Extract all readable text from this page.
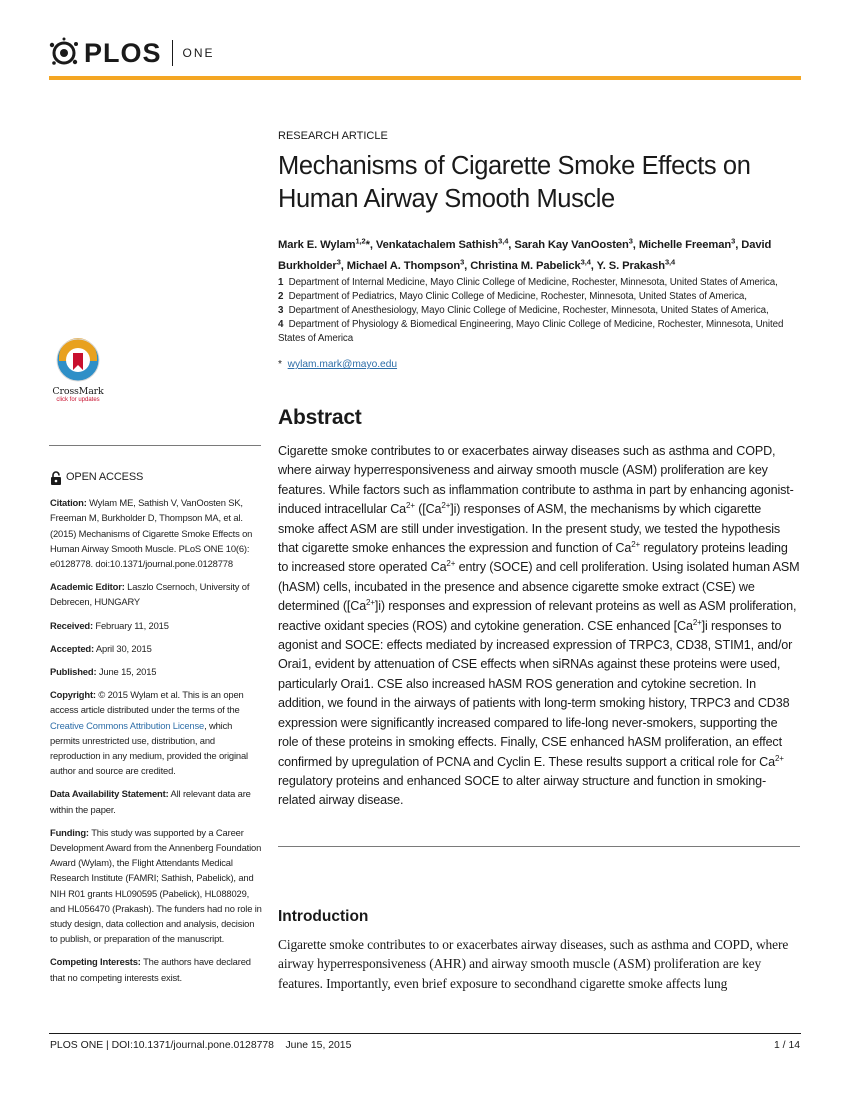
PLOS ONE
CrossMark
click for updates
OPEN ACCESS
Citation: Wylam ME, Sathish V, VanOosten SK, Freeman M, Burkholder D, Thompson MA, et al. (2015) Mechanisms of Cigarette Smoke Effects on Human Airway Smooth Muscle. PLoS ONE 10(6): e0128778. doi:10.1371/journal.pone.0128778
Academic Editor: Laszlo Csernoch, University of Debrecen, HUNGARY
Received: February 11, 2015
Accepted: April 30, 2015
Published: June 15, 2015
Copyright: © 2015 Wylam et al. This is an open access article distributed under the terms of the Creative Commons Attribution License, which permits unrestricted use, distribution, and reproduction in any medium, provided the original author and source are credited.
Data Availability Statement: All relevant data are within the paper.
Funding: This study was supported by a Career Development Award from the Annenberg Foundation Award (Wylam), the Flight Attendants Medical Research Institute (FAMRI; Sathish, Pabelick), and NIH R01 grants HL090595 (Pabelick), HL088029, and HL056470 (Prakash). The funders had no role in study design, data collection and analysis, decision to publish, or preparation of the manuscript.
Competing Interests: The authors have declared that no competing interests exist.
RESEARCH ARTICLE
Mechanisms of Cigarette Smoke Effects on Human Airway Smooth Muscle
Mark E. Wylam$^{1,2}$*, Venkatachalem Sathish$^{3,4}$, Sarah Kay VanOosten$^3$, Michelle Freeman$^3$, David Burkholder$^3$, Michael A. Thompson$^3$, Christina M. Pabelick$^{3,4}$, Y. S. Prakash$^{3,4}$
1 Department of Internal Medicine, Mayo Clinic College of Medicine, Rochester, Minnesota, United States of America, 2 Department of Pediatrics, Mayo Clinic College of Medicine, Rochester, Minnesota, United States of America, 3 Department of Anesthesiology, Mayo Clinic College of Medicine, Rochester, Minnesota, United States of America, 4 Department of Physiology & Biomedical Engineering, Mayo Clinic College of Medicine, Rochester, Minnesota, United States of America
* wylam.mark@mayo.edu
Abstract

Cigarette smoke contributes to or exacerbates airway diseases such as asthma and COPD, where airway hyperresponsiveness and airway smooth muscle (ASM) proliferation are key features. While factors such as inflammation contribute to asthma in part by enhancing agonist-induced intracellular $Ca^{2+}$ $([Ca^{2+}]i)$ responses of ASM, the mechanisms by which cigarette smoke affect ASM are still under investigation. In the present study, we tested the hypothesis that cigarette smoke enhances the expression and function of $Ca^{2+}$ regulatory proteins leading to increased store operated $Ca^{2+}$ entry (SOCE) and cell proliferation. Using isolated human ASM (hASM) cells, incubated in the presence and absence cigarette smoke extract (CSE) we determined $([Ca^{2+}]i)$ responses and expression of relevant proteins as well as ASM proliferation, reactive oxidant species (ROS) and cytokine generation. CSE enhanced $[Ca^{2+}]i$ responses to agonist and SOCE: effects mediated by increased expression of TRPC3, CD38, STIM1, and/or Orai1, evident by attenuation of CSE effects when siRNAs against these proteins were used, particularly Orai1. CSE also increased hASM ROS generation and cytokine secretion. In addition, we found in the airways of patients with long-term smoking history, TRPC3 and CD38 expression were significantly increased compared to life-long never-smokers, supporting the role of these proteins in smoking effects. Finally, CSE enhanced hASM proliferation, an effect confirmed by upregulation of PCNA and Cyclin E. These results support a critical role for $Ca^{2+}$ regulatory proteins and enhanced SOCE to alter airway structure and function in smoking-related airway disease.

Introduction

Cigarette smoke contributes to or exacerbates airway diseases, such as asthma and COPD, where airway hyperresponsiveness (AHR) and airway smooth muscle (ASM) proliferation are key features. Importantly, even brief exposure to secondhand cigarette smoke affects lung

PLOS ONE | DOI:10.1371/journal.pone.0128778    June 15, 2015	1 / 14
